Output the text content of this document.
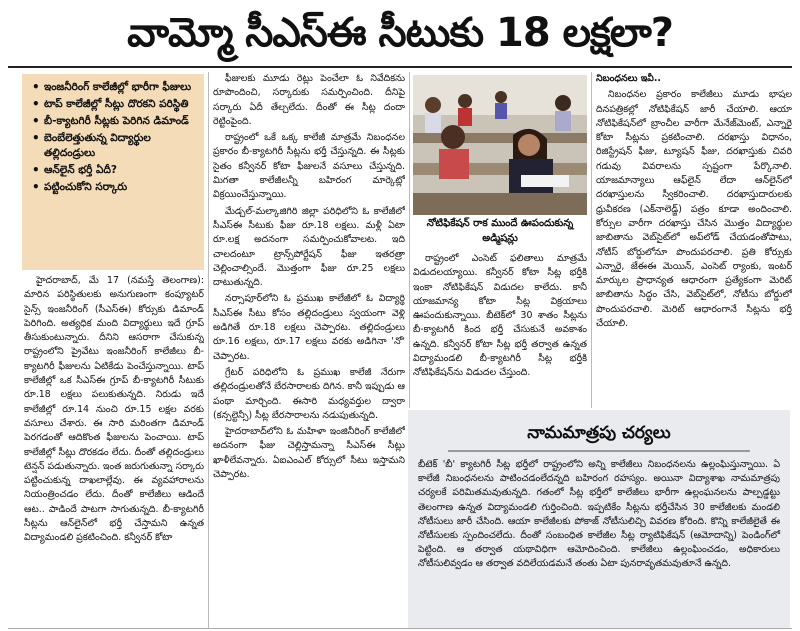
వామ్మో సీఎస్‌ఈ సీటుకు 18 లక్షలా?
• ఇంజనీరింగ్ కాలేజీల్లో భారీగా ఫీజులు
• టాప్ కాలేజీల్లో సీట్లు దొరకని పరిస్థితి
• బీ-క్యాటగిరీ సీట్లకు పెరిగిన డిమాండ్
• బెంబేలెత్తుతున్న విద్యార్థుల తల్లిదండ్రులు
• ఆన్‌లైన్ భర్తీ ఏదీ?
• పట్టించుకోని సర్కారు

హైదరాబాద్, మే 17 (నమస్తే తెలంగాణ): మారిన పరిస్థితులకు అనుగుణంగా కంప్యూటర్ సైన్స్ ఇంజనీరింగ్ (సీఎస్‌ఈ) కోర్సుకు డిమాండ్ పెరిగింది. అత్యధిక మంది విద్యార్థులు ఇదే గ్రూప్ తీసుకుంటున్నారు. దీనిని ఆసరాగా చేసుకున్న రాష్ట్రంలోని ప్రైవేటు ఇంజనీరింగ్ కాలేజీలు బీ-క్యాటగిరీ ఫీజులను ఏటికేడు పెంచేస్తున్నాయి. టాప్ కాలేజీల్లో ఒక సీఎస్‌ఈ గ్రూప్ బీ-క్యాటగిరీ సీటుకు రూ.18 లక్షలు పలుకుతున్నది. నిరుడు ఇదే కాలేజీల్లో రూ.14 నుంచి రూ.15 లక్షల వరకు వసూలు చేశారు. ఈ సారి మరింతగా డిమాండ్ పెరగడంతో ఆదికొంత ఫీజులను పెంచాయి. టాప్ కాలేజీల్లో సీట్లు దొరకడం లేదు. దీంతో తల్లిదండ్రులు టెన్షన్ పడుతున్నారు. ఇంత జరుగుతున్నా సర్కారు పట్టించుకున్న దాఖలాల్లేవు. ఈ వ్యవహారాలను నియంత్రించడం లేదు. దీంతో కాలేజీలు ఆడిందే ఆట.. పాడిందే పాటగా సాగుతున్నది. బీ-క్యాటగిరీ సీట్లను ఆన్‌లైన్‌లో భర్తీ చేస్తామని ఉన్నత విద్యామండలి ప్రకటించింది. కన్వీనర్ కోటా

ఫీజులకు మూడు రెట్లు పెంచేలా ఓ నివేదికను రూపొందించి, సర్కారుకు సమర్పించింది. దీనిపై సర్కారు ఏదీ తేల్చలేదు. దీంతో ఈ సీట్ల దందా రెట్టింపైంది.

రాష్ట్రంలో ఒకే ఒక్క కాలేజీ మాత్రమే నిబంధనల ప్రకారం బీ-క్యాటగిరీ సీట్లను భర్తీ చేస్తున్నది. ఈ సీట్లకు సైతం కన్వీనర్ కోటా ఫీజులనే వసూలు చేస్తున్నది. మిగతా కాలేజీలన్నీ బహిరంగ మార్కెట్లో విక్రయించేస్తున్నాయి.

మేడ్చల్-మల్కాజిగిరి జిల్లా పరిధిలోని ఓ కాలేజీలో సీఎస్‌ఈ సీటుకు ఫీజు రూ.18 లక్షలు. మళ్లీ ఏటా రూ.లక్ష అదనంగా సమర్పించుకోవాలట. ఇది చాలదంటూ ట్రాన్స్‌పోర్టేషన్ ఫీజు ఇతరత్రా చెల్లించాల్సిందే. మొత్తంగా ఫీజు రూ.25 లక్షలు దాటుతున్నది.

నర్సాపూర్‌లోని ఓ ప్రముఖ కాలేజీలో ఓ విద్యార్థి సీఎస్‌ఈ సీటు కోసం తల్లిదండ్రులు స్వయంగా వెళ్లి అడిగితే రూ.18 లక్షలు చెప్పారట. తల్లిదండ్రులు రూ.16 లక్షలు, రూ.17 లక్షలు వరకు అడిగినా 'నో' చెప్పారట.

గ్రేటర్ పరిధిలోని ఓ ప్రముఖ కాలేజీ నేరుగా తల్లిదండ్రులతోనే బేరసారాలకు దిగిన. కానీ ఇప్పుడు ఆ పంథా మార్చింది. ఈసారి మధ్యవర్తుల ద్వారా (కన్సల్టెన్సీ) సీట్ల బేరసారాలను నడుపుతున్నది.

హైదరాబాద్‌లోని ఓ మహిళా ఇంజినీరింగ్ కాలేజీలో అదనంగా ఫీజు చెల్లిస్తామన్నా సీఎస్‌ఈ సీట్లు ఖాళీలేవన్నారు. ఏఐఎంఎల్ కోర్సులో సీటు ఇస్తామని చెప్పారట.

నోటిఫికేషన్ రాక ముందే ఊపందుకున్న అడ్మిషన్లు

రాష్ట్రంలో ఎంసెట్ ఫలితాలు మాత్రమే విడుదలయ్యాయి. కన్వీనర్ కోటా సీట్ల భర్తీకి ఇంకా నోటిఫికేషన్ విడుదల కాలేదు. కానీ యాజమాన్య కోటా సీట్ల విక్రయాలు ఊపందుకున్నాయి. బీటెక్‌లో 30 శాతం సీట్లను బీ-క్యాటగిరీ కింద భర్తీ చేసుకునే అవకాశం ఉన్నది. కన్వీనర్ కోటా సీట్ల భర్తీ తర్వాత ఉన్నత విద్యామండలి బీ-క్యాటగిరీ సీట్ల భర్తీకి నోటిఫికేషన్‌ను విడుదల చేస్తుంది.

నిబంధనలు ఇవీ..

నిబంధనల ప్రకారం కాలేజీలు మూడు భాషల దినపత్రికల్లో నోటిఫికేషన్ జారీ చేయాలి. ఆయా నోటిఫికేషన్‌లో బ్రాంచీల వారీగా మేనేజ్‌మెంట్, ఎన్నారై కోటా సీట్లను ప్రకటించాలి. దరఖాస్తు విధానం, రిజిస్ట్రేషన్ ఫీజు, ట్యూషన్ ఫీజు, దరఖాస్తుకు చివరి గడువు వివరాలను స్పష్టంగా పేర్కొనాలి. యాజమాన్యాలు ఆఫ్‌లైన్ లేదా ఆన్‌లైన్‌లో దరఖాస్తులను స్వీకరించాలి. దరఖాస్తుదారులకు ధ్రువీకరణ (ఎక్‌నాలెడ్జ్) పత్రం కూడా అందించాలి. కోర్సుల వారీగా దరఖాస్తు చేసిన మొత్తం విద్యార్థుల జాబితాను వెబ్‌సైట్‌లో అప్‌లోడ్ చేయడంతోపాటు, నోటీస్ బోర్డులోనూ పొందుపరచాలి. ప్రతి కోర్సుకు ఎన్నారై, జేఈఈ మెయిన్, ఎంసెట్ ర్యాంకు, ఇంటర్ మార్కుల ప్రాధాన్యత ఆధారంగా ప్రత్యేకంగా మెరిట్ జాబితాను సిద్ధం చేసి, వెబ్‌సైట్‌లో, నోటీసు బోర్డులో పొందుపరచాలి. మెరిట్ ఆధారంగానే సీట్లను భర్తీ చేయాలి.

నామమాత్రపు చర్యలు
బీటెక్ 'బీ' క్యాటగిరీ సీట్ల భర్తీలో రాష్ట్రంలోని అన్ని కాలేజీలు నిబంధనలను ఉల్లంఘిస్తున్నాయి. ఏ కాలేజీ నిబంధనలను పాటించడంలేదన్నది బహిరంగ రహస్యం. అయినా విద్యాశాఖ నామమాత్రపు చర్యలకే పరిమితమవుతున్నది. గతంలో సీట్ల భర్తీలో కాలేజీలు భారీగా ఉల్లంఘనలను పాల్పడ్డట్టు తెలంగాణ ఉన్నత విద్యామండలి గుర్తించింది. ఇప్పటికేం సీట్లను భర్తీచేసిన 30 కాలేజీలకు మండలి నోటీసులు జారీ చేసింది. ఆయా కాలేజీలకు పోకాజ్ నోటీసులిచ్చి వివరణ కోరింది. కొన్ని కాలేజీలైతే ఈ నోటీసులకు స్పందించలేదు. దీంతో సంబంధిత కాలేజీల సీట్ల ర్యాటిఫికేషన్ (ఆమోదాన్ని) పెండింగ్‌లో పెట్టింది. ఆ తర్వాత యథావిధిగా ఆమోదించింది. కాలేజీలు ఉల్లంఘించడం, అధికారులు నోటీసులివ్వడం ఆ తర్వాత వదిలేయడమనే తంతు ఏటా పునరావృతమవుతూనే ఉన్నది.
